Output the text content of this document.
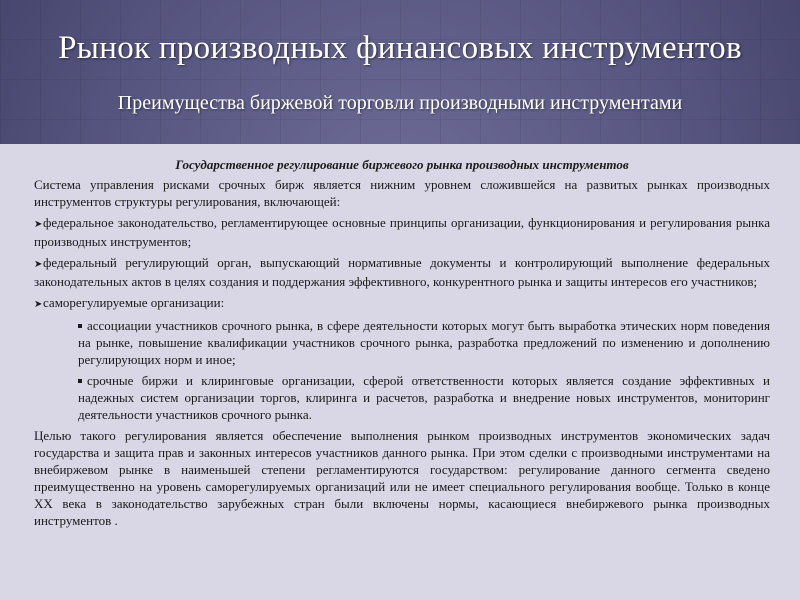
Рынок производных финансовых инструментов
Преимущества биржевой торговли производными инструментами

Государственное регулирование биржевого рынка производных инструментов

Система управления рисками срочных бирж является нижним уровнем сложившейся на развитых рынках производных инструментов структуры регулирования, включающей:

➤федеральное законодательство, регламентирующее основные принципы организации, функционирования и регулирования рынка производных инструментов;

➤федеральный регулирующий орган, выпускающий нормативные документы и контролирующий выполнение федеральных законодательных актов в целях создания и поддержания эффективного, конкурентного рынка и защиты интересов его участников;

➤саморегулируемые организации:

ассоциации участников срочного рынка, в сфере деятельности которых могут быть выработка этических норм поведения на рынке, повышение квалификации участников срочного рынка, разработка предложений по изменению и дополнению регулирующих норм и иное;

срочные биржи и клиринговые организации, сферой ответственности которых является создание эффективных и надежных систем организации торгов, клиринга и расчетов, разработка и внедрение новых инструментов, мониторинг деятельности участников срочного рынка.

Целью такого регулирования является обеспечение выполнения рынком производных инструментов экономических задач государства и защита прав и законных интересов участников данного рынка. При этом сделки с производными инструментами на внебиржевом рынке в наименьшей степени регламентируются государством: регулирование данного сегмента сведено преимущественно на уровень саморегулируемых организаций или не имеет специального регулирования вообще. Только в конце XX века в законодательство зарубежных стран были включены нормы, касающиеся внебиржевого рынка производных инструментов .
